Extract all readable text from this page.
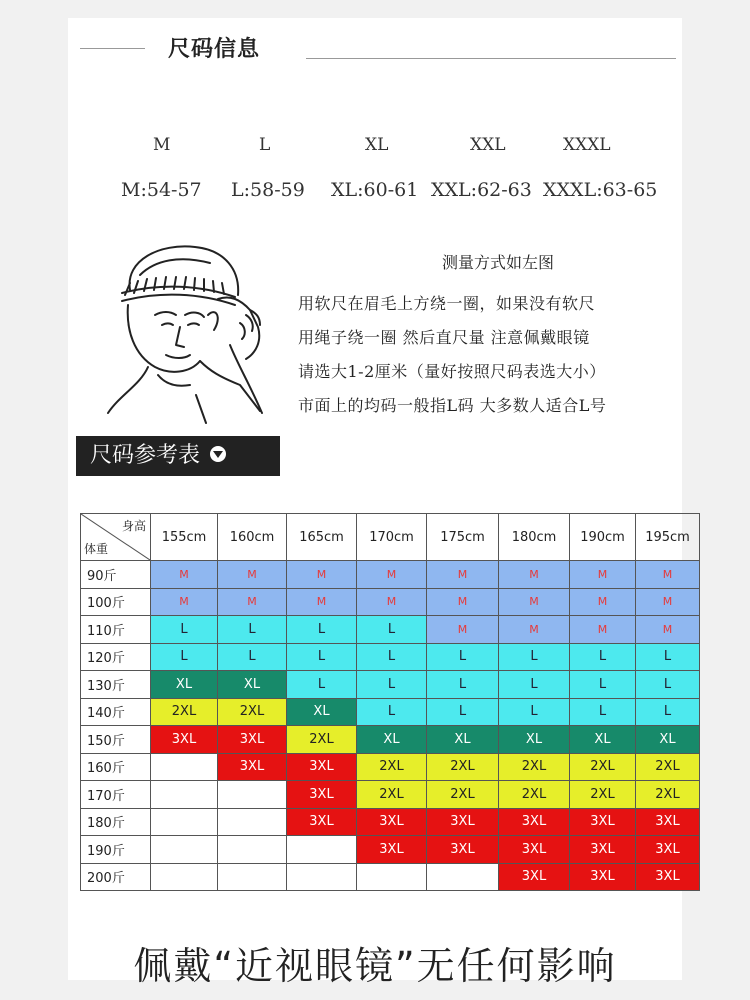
尺码信息
M	L	XL	XXL	XXXL
M:54-57 L:58-59 XL:60-61 XXL:62-63 XXXL:63-65
测量方式如左图
用软尺在眉毛上方绕一圈，如果没有软尺
用绳子绕一圈 然后直尺量 注意佩戴眼镜
请选大1-2厘米（量好按照尺码表选大小）
市面上的均码一般指L码 大多数人适合L号
尺码参考表
身高
体重	155cm	160cm	165cm	170cm	175cm	180cm	190cm	195cm
90斤	M	M	M	M	M	M	M	M
100斤	M	M	M	M	M	M	M	M
110斤	L	L	L	L	M	M	M	M
120斤	L	L	L	L	L	L	L	L
130斤	XL	XL	L	L	L	L	L	L
140斤	2XL	2XL	XL	L	L	L	L	L
150斤	3XL	3XL	2XL	XL	XL	XL	XL	XL
160斤		3XL	3XL	2XL	2XL	2XL	2XL	2XL
170斤			3XL	2XL	2XL	2XL	2XL	2XL
180斤			3XL	3XL	3XL	3XL	3XL	3XL
190斤				3XL	3XL	3XL	3XL	3XL
200斤						3XL	3XL	3XL
佩戴“近视眼镜”无任何影响
